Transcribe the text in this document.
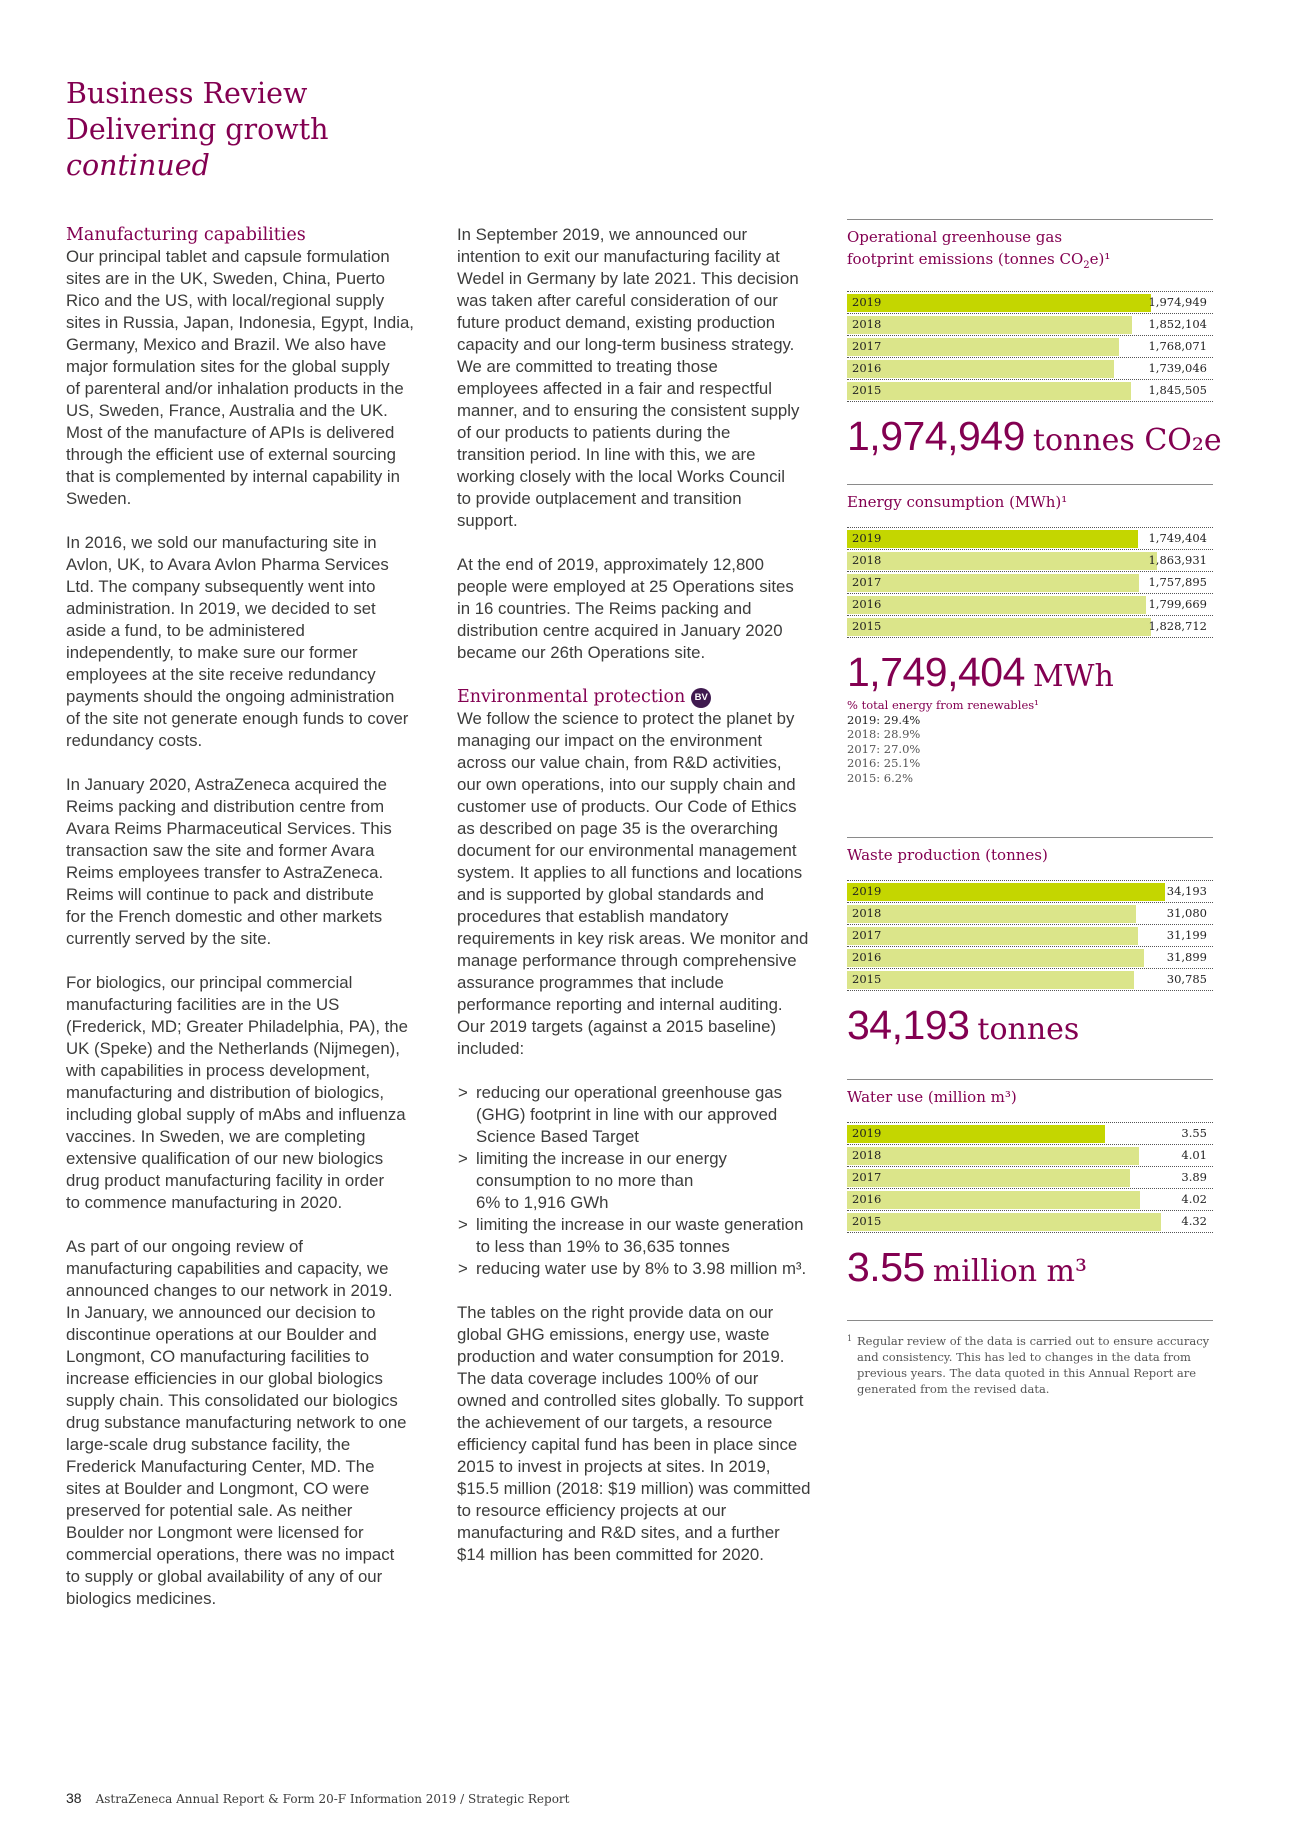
Business Review
Delivering growth
continued
Manufacturing capabilities

Our principal tablet and capsule formulation
sites are in the UK, Sweden, China, Puerto
Rico and the US, with local/regional supply
sites in Russia, Japan, Indonesia, Egypt, India,
Germany, Mexico and Brazil. We also have
major formulation sites for the global supply
of parenteral and/or inhalation products in the
US, Sweden, France, Australia and the UK.
Most of the manufacture of APIs is delivered
through the efficient use of external sourcing
that is complemented by internal capability in
Sweden.

In 2016, we sold our manufacturing site in
Avlon, UK, to Avara Avlon Pharma Services
Ltd. The company subsequently went into
administration. In 2019, we decided to set
aside a fund, to be administered
independently, to make sure our former
employees at the site receive redundancy
payments should the ongoing administration
of the site not generate enough funds to cover
redundancy costs.

In January 2020, AstraZeneca acquired the
Reims packing and distribution centre from
Avara Reims Pharmaceutical Services. This
transaction saw the site and former Avara
Reims employees transfer to AstraZeneca.
Reims will continue to pack and distribute
for the French domestic and other markets
currently served by the site.

For biologics, our principal commercial
manufacturing facilities are in the US
(Frederick, MD; Greater Philadelphia, PA), the
UK (Speke) and the Netherlands (Nijmegen),
with capabilities in process development,
manufacturing and distribution of biologics,
including global supply of mAbs and influenza
vaccines. In Sweden, we are completing
extensive qualification of our new biologics
drug product manufacturing facility in order
to commence manufacturing in 2020.

As part of our ongoing review of
manufacturing capabilities and capacity, we
announced changes to our network in 2019.
In January, we announced our decision to
discontinue operations at our Boulder and
Longmont, CO manufacturing facilities to
increase efficiencies in our global biologics
supply chain. This consolidated our biologics
drug substance manufacturing network to one
large-scale drug substance facility, the
Frederick Manufacturing Center, MD. The
sites at Boulder and Longmont, CO were
preserved for potential sale. As neither
Boulder nor Longmont were licensed for
commercial operations, there was no impact
to supply or global availability of any of our
biologics medicines.

In September 2019, we announced our
intention to exit our manufacturing facility at
Wedel in Germany by late 2021. This decision
was taken after careful consideration of our
future product demand, existing production
capacity and our long-term business strategy.
We are committed to treating those
employees affected in a fair and respectful
manner, and to ensuring the consistent supply
of our products to patients during the
transition period. In line with this, we are
working closely with the local Works Council
to provide outplacement and transition
support.

At the end of 2019, approximately 12,800
people were employed at 25 Operations sites
in 16 countries. The Reims packing and
distribution centre acquired in January 2020
became our 26th Operations site.

Environmental protection BV

We follow the science to protect the planet by
managing our impact on the environment
across our value chain, from R&D activities,
our own operations, into our supply chain and
customer use of products. Our Code of Ethics
as described on page 35 is the overarching
document for our environmental management
system. It applies to all functions and locations
and is supported by global standards and
procedures that establish mandatory
requirements in key risk areas. We monitor and
manage performance through comprehensive
assurance programmes that include
performance reporting and internal auditing.
Our 2019 targets (against a 2015 baseline)
included:

> reducing our operational greenhouse gas
(GHG) footprint in line with our approved
Science Based Target
> limiting the increase in our energy
consumption to no more than
6% to 1,916 GWh
> limiting the increase in our waste generation
to less than 19% to 36,635 tonnes
> reducing water use by 8% to 3.98 million m³.

The tables on the right provide data on our
global GHG emissions, energy use, waste
production and water consumption for 2019.
The data coverage includes 100% of our
owned and controlled sites globally. To support
the achievement of our targets, a resource
efficiency capital fund has been in place since
2015 to invest in projects at sites. In 2019,
$15.5 million (2018: $19 million) was committed
to resource efficiency projects at our
manufacturing and R&D sites, and a further
$14 million has been committed for 2020.

Operational greenhouse gas
footprint emissions (tonnes $CO_2e)^1$
2019	1,974,949
2018	1,852,104
2017	1,768,071
2016	1,739,046
2015	1,845,505
1,974,949 tonnes CO₂e
Energy consumption (MWh)¹
2019	1,749,404
2018	1,863,931
2017	1,757,895
2016	1,799,669
2015	1,828,712
1,749,404 MWh
% total energy from renewables¹
2019: 29.4%
2018: 28.9%
2017: 27.0%
2016: 25.1%
2015: 6.2%
Waste production (tonnes)
2019	34,193
2018	31,080
2017	31,199
2016	31,899
2015	30,785
34,193 tonnes
Water use (million m³)
2019	3.55
2018	4.01
2017	3.89
2016	4.02
2015	4.32
3.55 million m³
1 Regular review of the data is carried out to ensure accuracy and consistency. This has led to changes in the data from previous years. The data quoted in this Annual Report are generated from the revised data.
38 AstraZeneca Annual Report & Form 20-F Information 2019 / Strategic Report
